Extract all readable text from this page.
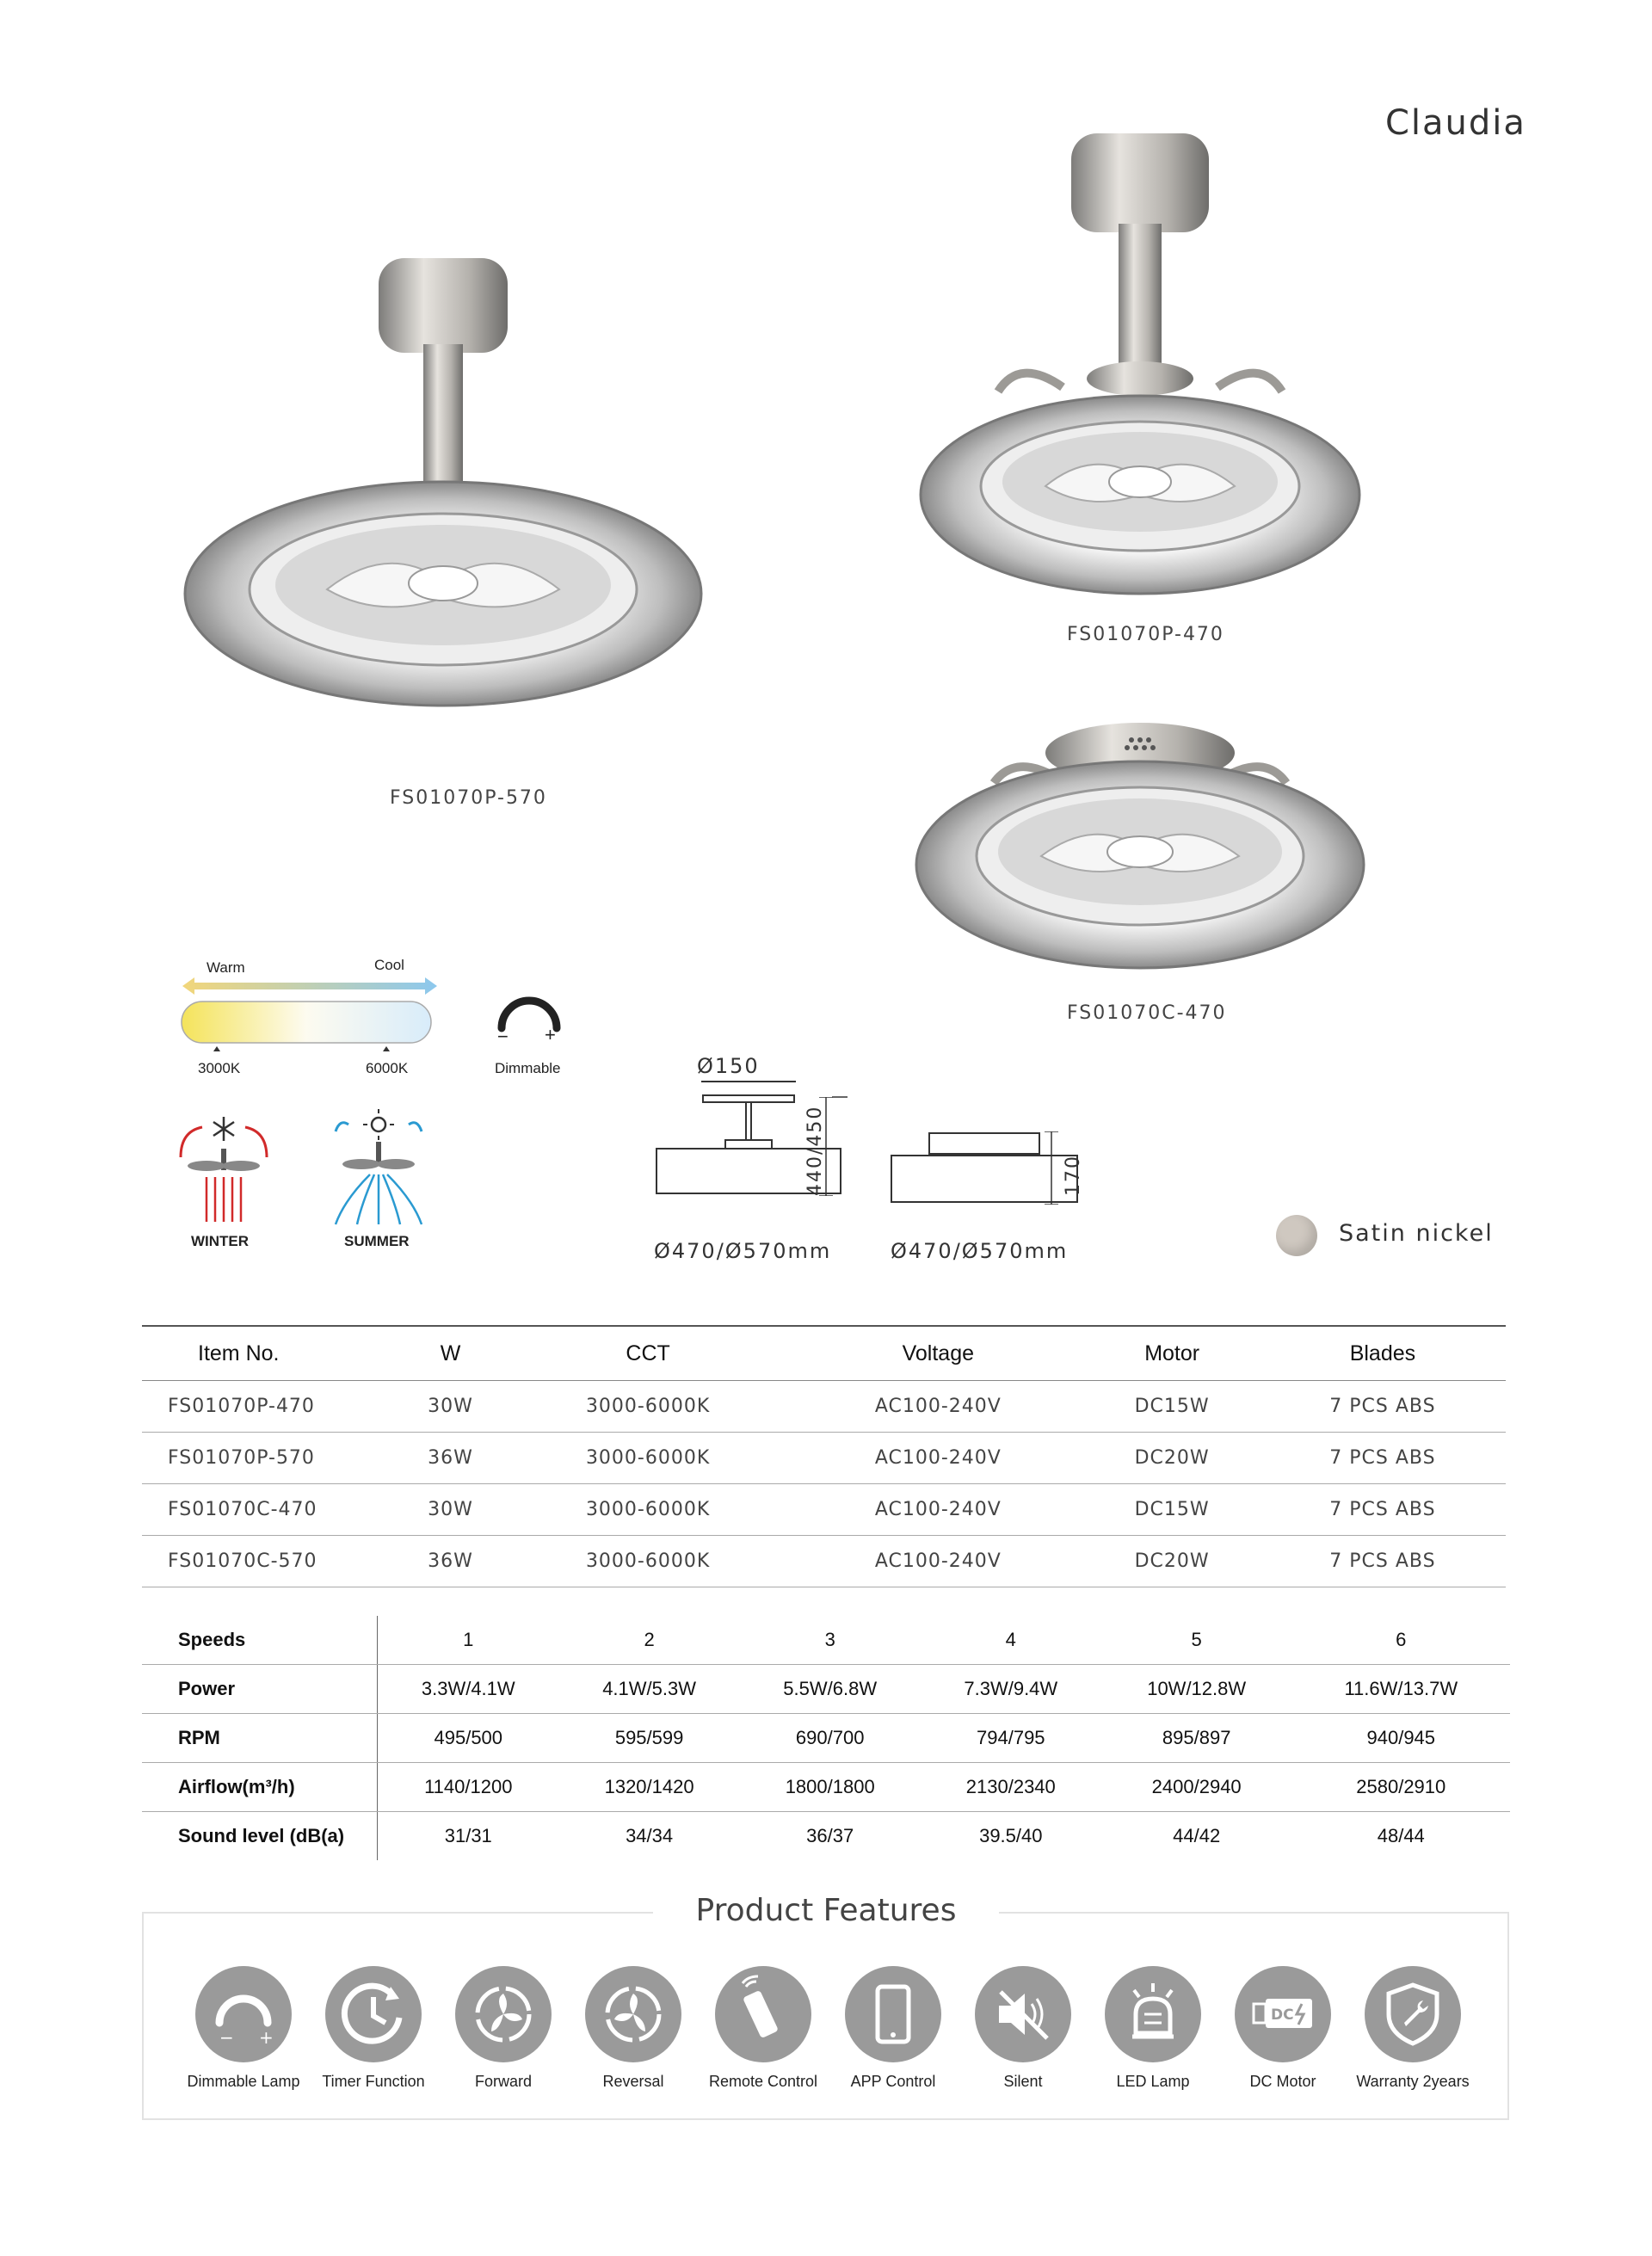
Claudia
FS01070P-570
FS01070P-470
FS01070C-470
Warm	Cool
3000K	6000K
− +
Dimmable
WINTER	SUMMER
Ø150
440/450
Ø470/Ø570mm
170
Ø470/Ø570mm
Satin nickel
Item No.	W	CCT	Voltage	Motor	Blades
FS01070P-470	30W	3000-6000K	AC100-240V	DC15W	7 PCS ABS
FS01070P-570	36W	3000-6000K	AC100-240V	DC20W	7 PCS ABS
FS01070C-470	30W	3000-6000K	AC100-240V	DC15W	7 PCS ABS
FS01070C-570	36W	3000-6000K	AC100-240V	DC20W	7 PCS ABS
Speeds	1	2	3	4	5	6
Power	3.3W/4.1W	4.1W/5.3W	5.5W/6.8W	7.3W/9.4W	10W/12.8W	11.6W/13.7W
RPM	495/500	595/599	690/700	794/795	895/897	940/945
Airflow(m³/h)	1140/1200	1320/1420	1800/1800	2130/2340	2400/2940	2580/2910
Sound level (dB(a)	31/31	34/34	36/37	39.5/40	44/42	48/44
Product Features
− +
Dimmable Lamp	Timer Function	Forward	Reversal	Remote Control	APP Control	Silent	LED Lamp
DC
DC Motor	Warranty 2years
